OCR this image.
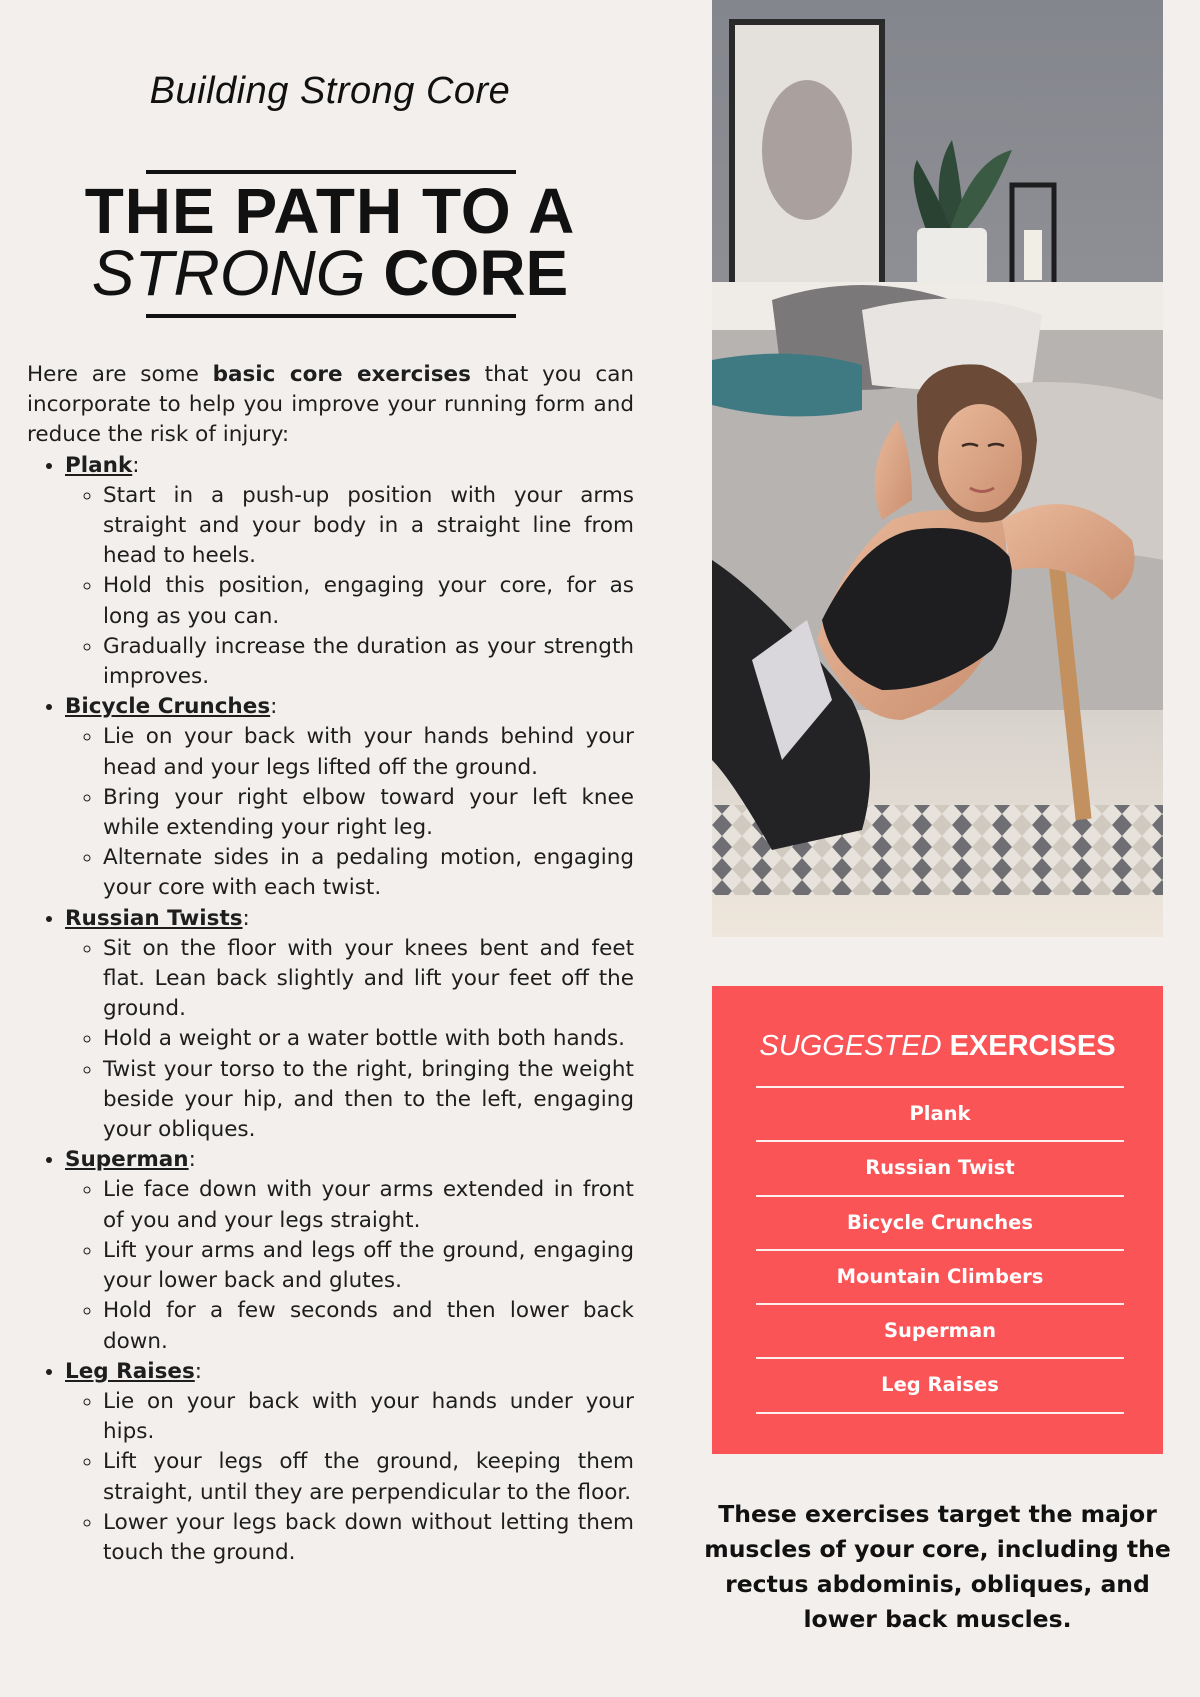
Building Strong Core
THE PATH TO A
STRONG CORE

Here are some basic core exercises that you can incorporate to help you improve your running form and reduce the risk of injury:

• Plank:
◦ Start in a push-up position with your arms straight and your body in a straight line from head to heels.
◦ Hold this position, engaging your core, for as long as you can.
◦ Gradually increase the duration as your strength improves.
• Bicycle Crunches:
◦ Lie on your back with your hands behind your head and your legs lifted off the ground.
◦ Bring your right elbow toward your left knee while extending your right leg.
◦ Alternate sides in a pedaling motion, engaging your core with each twist.
• Russian Twists:
◦ Sit on the floor with your knees bent and feet flat. Lean back slightly and lift your feet off the ground.
◦ Hold a weight or a water bottle with both hands.
◦ Twist your torso to the right, bringing the weight beside your hip, and then to the left, engaging your obliques.
• Superman:
◦ Lie face down with your arms extended in front of you and your legs straight.
◦ Lift your arms and legs off the ground, engaging your lower back and glutes.
◦ Hold for a few seconds and then lower back down.
• Leg Raises:
◦ Lie on your back with your hands under your hips.
◦ Lift your legs off the ground, keeping them straight, until they are perpendicular to the floor.
◦ Lower your legs back down without letting them touch the ground.
SUGGESTED EXERCISES
Plank
Russian Twist
Bicycle Crunches
Mountain Climbers
Superman
Leg Raises
These exercises target the major muscles of your core, including the rectus abdominis, obliques, and lower back muscles.
